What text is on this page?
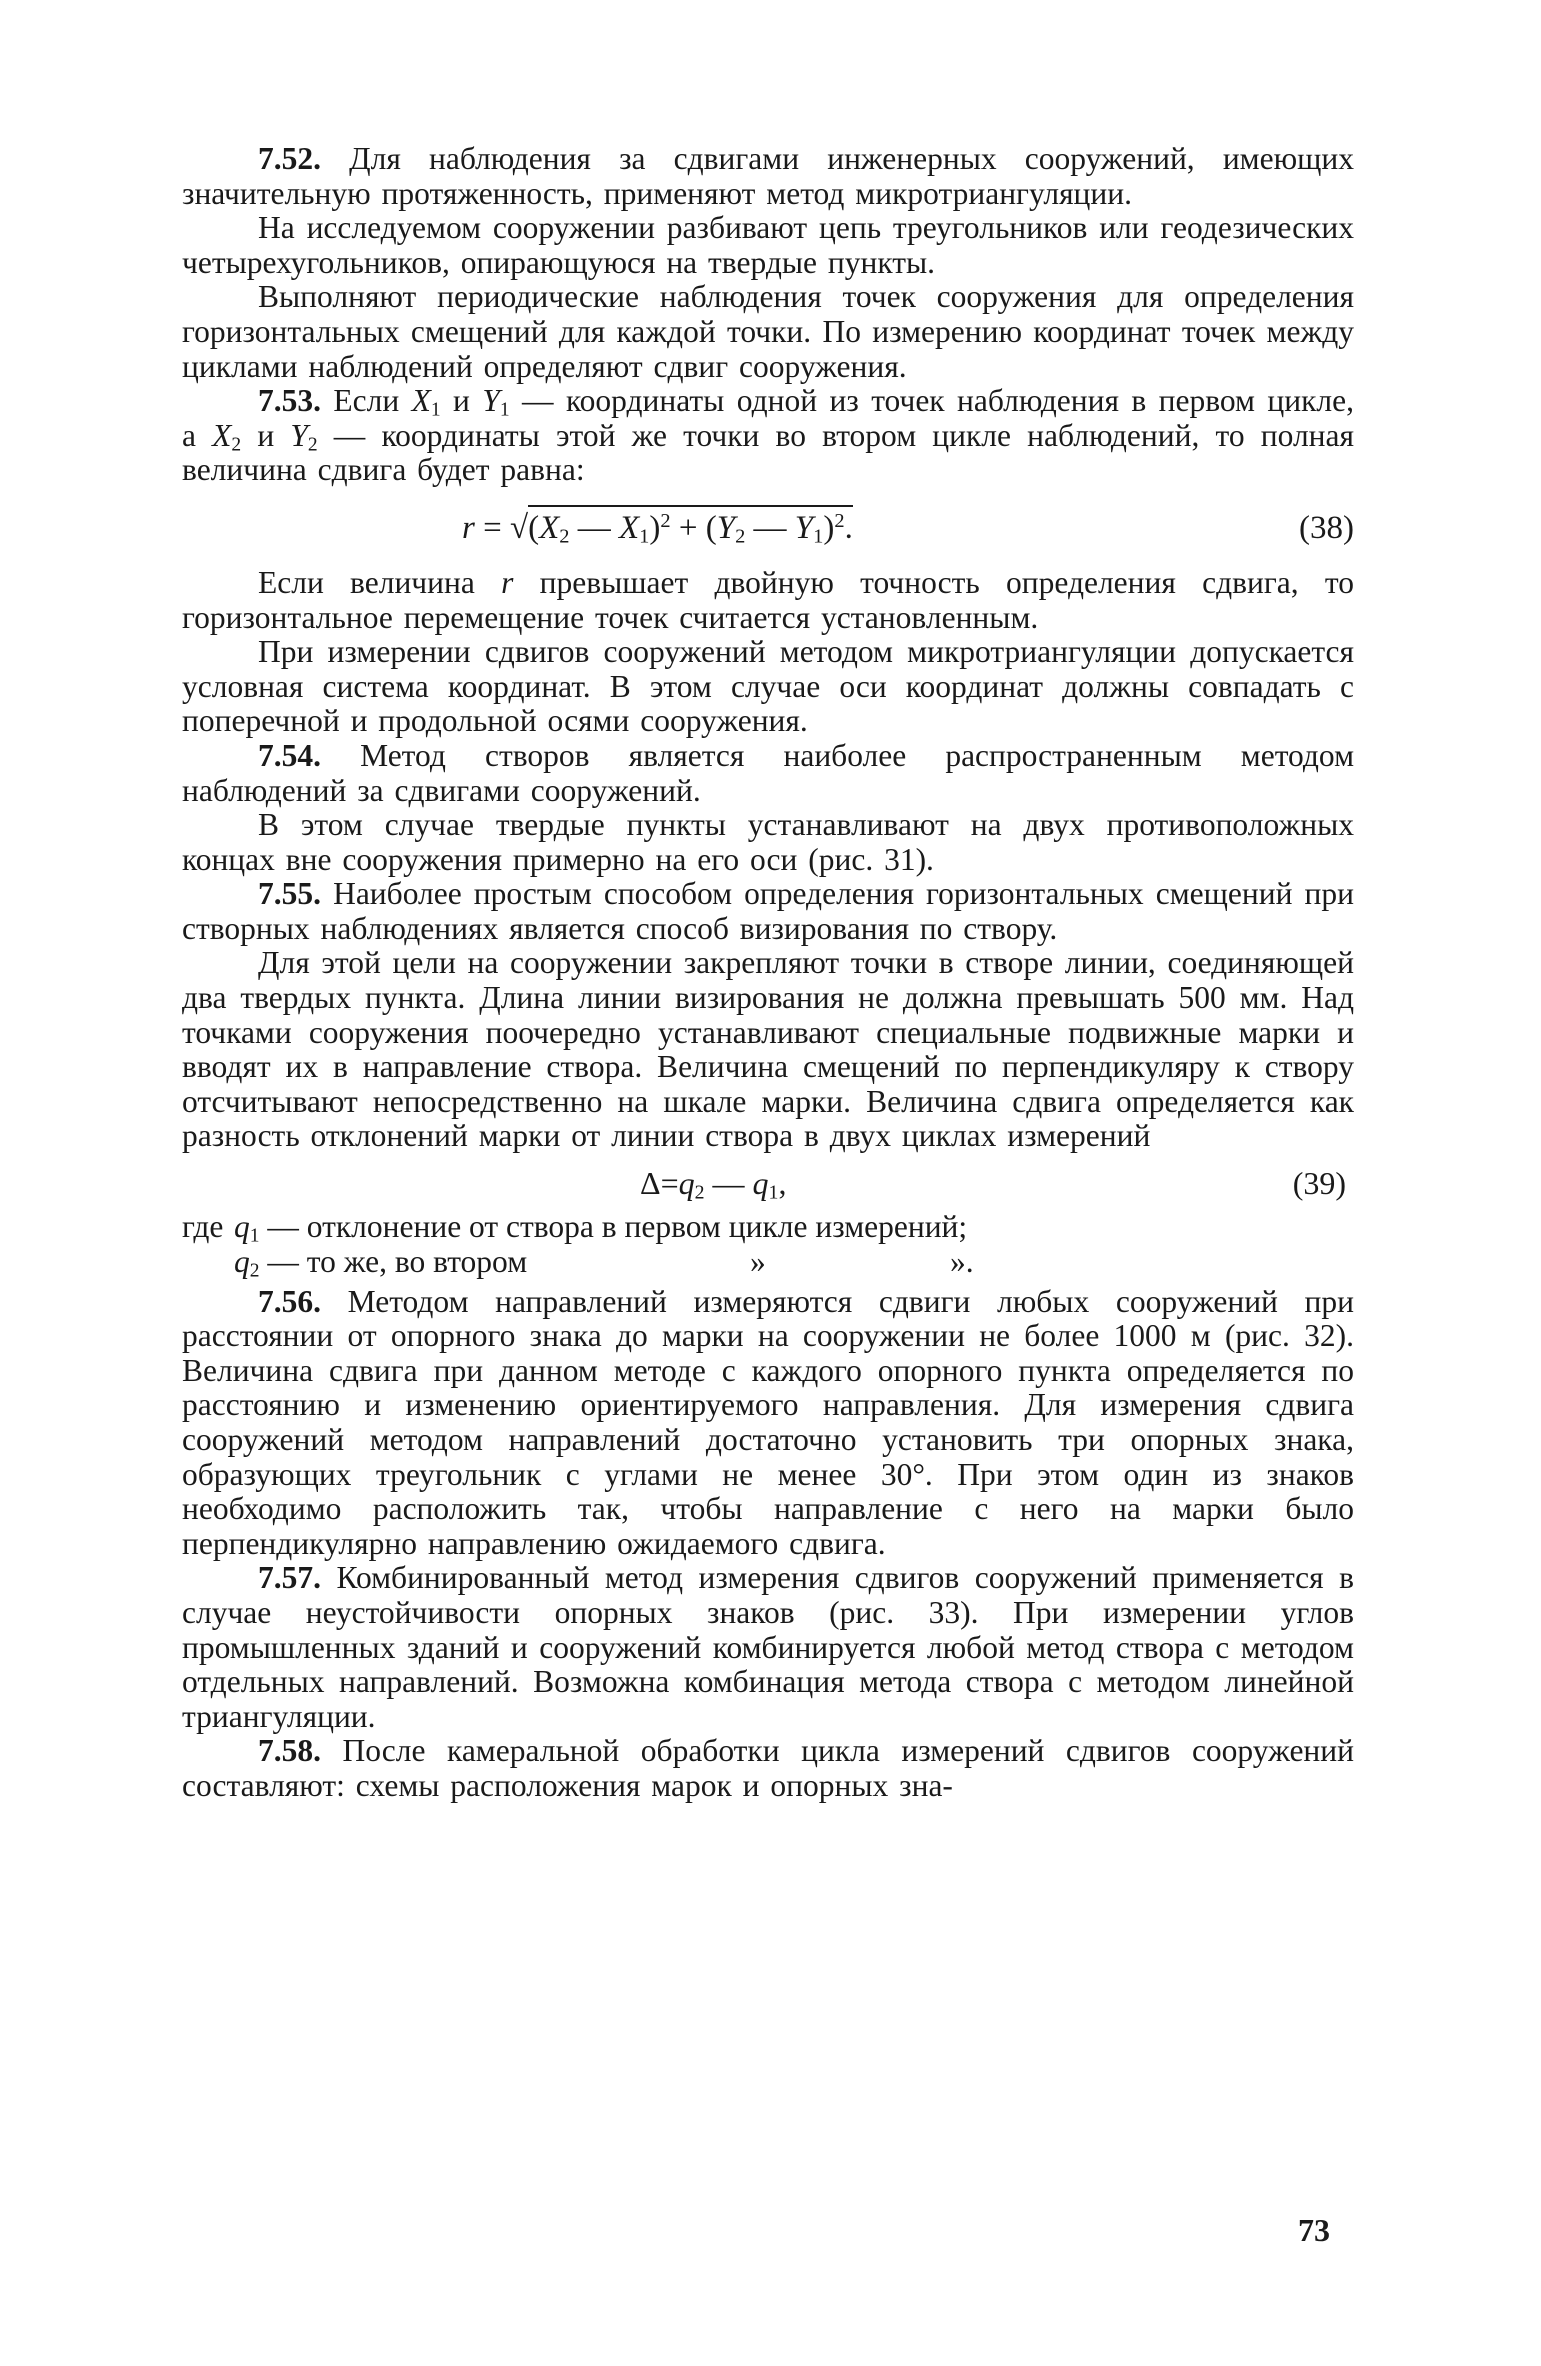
7.52. Для наблюдения за сдвигами инженерных сооружений, имеющих значительную протяженность, применяют метод микротриангуляции.

На исследуемом сооружении разбивают цепь треугольников или геодезических четырехугольников, опирающуюся на твердые пункты.

Выполняют периодические наблюдения точек сооружения для определения горизонтальных смещений для каждой точки. По измерению координат точек между циклами наблюдений определяют сдвиг сооружения.

7.53. Если $X_1$ и $Y_1$ — координаты одной из точек наблюдения в первом цикле, а $X_2$ и $Y_2$ — координаты этой же точки во втором цикле наблюдений, то полная величина сдвига будет равна:

$r = √(X_2$ — $X_1)^2 + (Y_2$ — $Y_1)^2$.	(38)

Если величина r превышает двойную точность определения сдвига, то горизонтальное перемещение точек считается установленным.

При измерении сдвигов сооружений методом микротриангуляции допускается условная система координат. В этом случае оси координат должны совпадать с поперечной и продольной осями сооружения.

7.54. Метод створов является наиболее распространенным методом наблюдений за сдвигами сооружений.

В этом случае твердые пункты устанавливают на двух противоположных концах вне сооружения примерно на его оси (рис. 31).

7.55. Наиболее простым способом определения горизонтальных смещений при створных наблюдениях является способ визирования по створу.

Для этой цели на сооружении закрепляют точки в створе линии, соединяющей два твердых пункта. Длина линии визирования не должна превышать 500 мм. Над точками сооружения поочередно устанавливают специальные подвижные марки и вводят их в направление створа. Величина смещений по перпендикуляру к створу отсчитывают непосредственно на шкале марки. Величина сдвига определяется как разность отклонений марки от линии створа в двух циклах измерений

$\Delta=q_2$ — $q_1$,	(39)

где $q_1$ — отклонение от створа в первом цикле измерений;

$q_2$ — то же, во втором	»	».

7.56. Методом направлений измеряются сдвиги любых сооружений при расстоянии от опорного знака до марки на сооружении не более 1000 м (рис. 32). Величина сдвига при данном методе с каждого опорного пункта определяется по расстоянию и изменению ориентируемого направления. Для измерения сдвига сооружений методом направлений достаточно установить три опорных знака, образующих треугольник с углами не менее 30°. При этом один из знаков необходимо расположить так, чтобы направление с него на марки было перпендикулярно направлению ожидаемого сдвига.

7.57. Комбинированный метод измерения сдвигов сооружений применяется в случае неустойчивости опорных знаков (рис. 33). При измерении углов промышленных зданий и сооружений комбинируется любой метод створа с методом отдельных направлений. Возможна комбинация метода створа с методом линейной триангуляции.

7.58. После камеральной обработки цикла измерений сдвигов сооружений составляют: схемы расположения марок и опорных зна-

73
